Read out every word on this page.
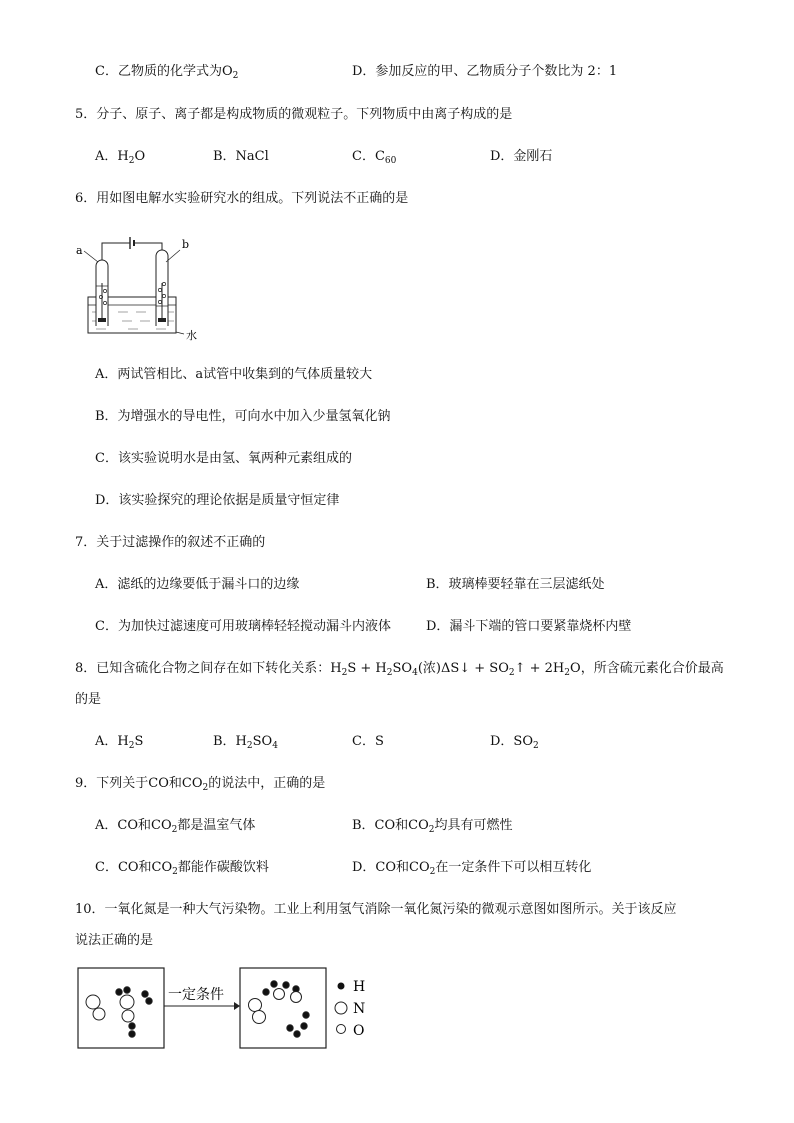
C．乙物质的化学式为$O_2$	D．参加反应的甲、乙物质分子个数比为 2：1
5．分子、原子、离子都是构成物质的微观粒子。下列物质中由离子构成的是
A．$H_2O$	B．NaCl	C．$C_{60}$	D．金刚石
6．用如图电解水实验研究水的组成。下列说法不正确的是
a	b
水
A．两试管相比、a试管中收集到的气体质量较大
B．为增强水的导电性，可向水中加入少量氢氧化钠
C．该实验说明水是由氢、氧两种元素组成的
D．该实验探究的理论依据是质量守恒定律
7．关于过滤操作的叙述不正确的
A．滤纸的边缘要低于漏斗口的边缘	B．玻璃棒要轻靠在三层滤纸处
C．为加快过滤速度可用玻璃棒轻轻搅动漏斗内液体	D．漏斗下端的管口要紧靠烧杯内壁
8．已知含硫化合物之间存在如下转化关系：$H_2S + H_2SO_4$(浓)ΔS↓ + $SO_2↑ + 2H_2O$，所含硫元素化合价最高
的是
A．$H_2S$	B．$H_2SO_4$	C．S	D．$SO_2$
9．下列关于CO和$CO_2$的说法中，正确的是
A．CO和$CO_2$都是温室气体	B．CO和$CO_2$均具有可燃性
C．CO和$CO_2$都能作碳酸饮料	D．CO和$CO_2$在一定条件下可以相互转化
10．一氧化氮是一种大气污染物。工业上利用氢气消除一氧化氮污染的微观示意图如图所示。关于该反应
说法正确的是
一定条件	H
N
O
